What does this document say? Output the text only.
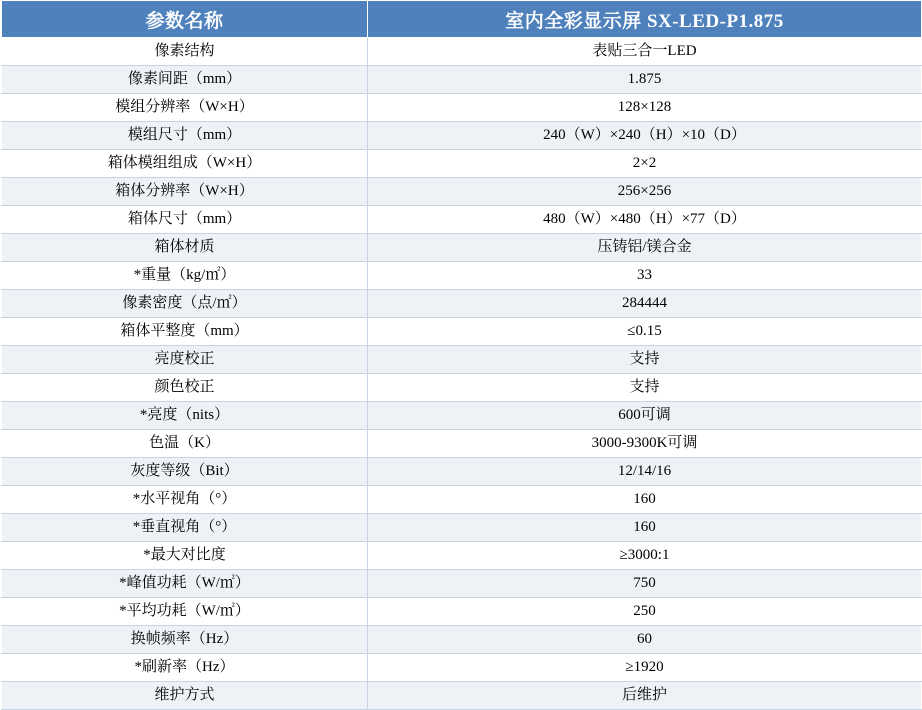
参数名称	室内全彩显示屏 SX-LED-P1.875
像素结构	表贴三合一LED
像素间距（mm）	1.875
模组分辨率（W×H）	128×128
模组尺寸（mm）	240（W）×240（H）×10（D）
箱体模组组成（W×H）	2×2
箱体分辨率（W×H）	256×256
箱体尺寸（mm）	480（W）×480（H）×77（D）
箱体材质	压铸铝/镁合金
*重量（kg/㎡）	33
像素密度（点/㎡）	284444
箱体平整度（mm）	≤0.15
亮度校正	支持
颜色校正	支持
*亮度（nits）	600可调
色温（K）	3000-9300K可调
灰度等级（Bit）	12/14/16
*水平视角（°）	160
*垂直视角（°）	160
*最大对比度	≥3000:1
*峰值功耗（W/㎡）	750
*平均功耗（W/㎡）	250
换帧频率（Hz）	60
*刷新率（Hz）	≥1920
维护方式	后维护
